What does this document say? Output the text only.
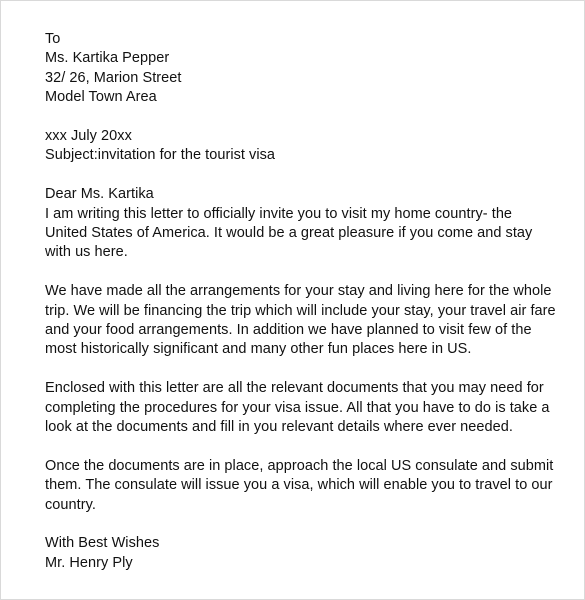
To
Ms. Kartika Pepper
32/ 26, Marion Street
Model Town Area
xxx July 20xx
Subject:invitation for the tourist visa
Dear Ms. Kartika
I am writing this letter to officially invite you to visit my home country- the
United States of America. It would be a great pleasure if you come and stay
with us here.
We have made all the arrangements for your stay and living here for the whole
trip. We will be financing the trip which will include your stay, your travel air fare
and your food arrangements. In addition we have planned to visit few of the
most historically significant and many other fun places here in US.
Enclosed with this letter are all the relevant documents that you may need for
completing the procedures for your visa issue. All that you have to do is take a
look at the documents and fill in you relevant details where ever needed.
Once the documents are in place, approach the local US consulate and submit
them. The consulate will issue you a visa, which will enable you to travel to our
country.
With Best Wishes
Mr. Henry Ply
